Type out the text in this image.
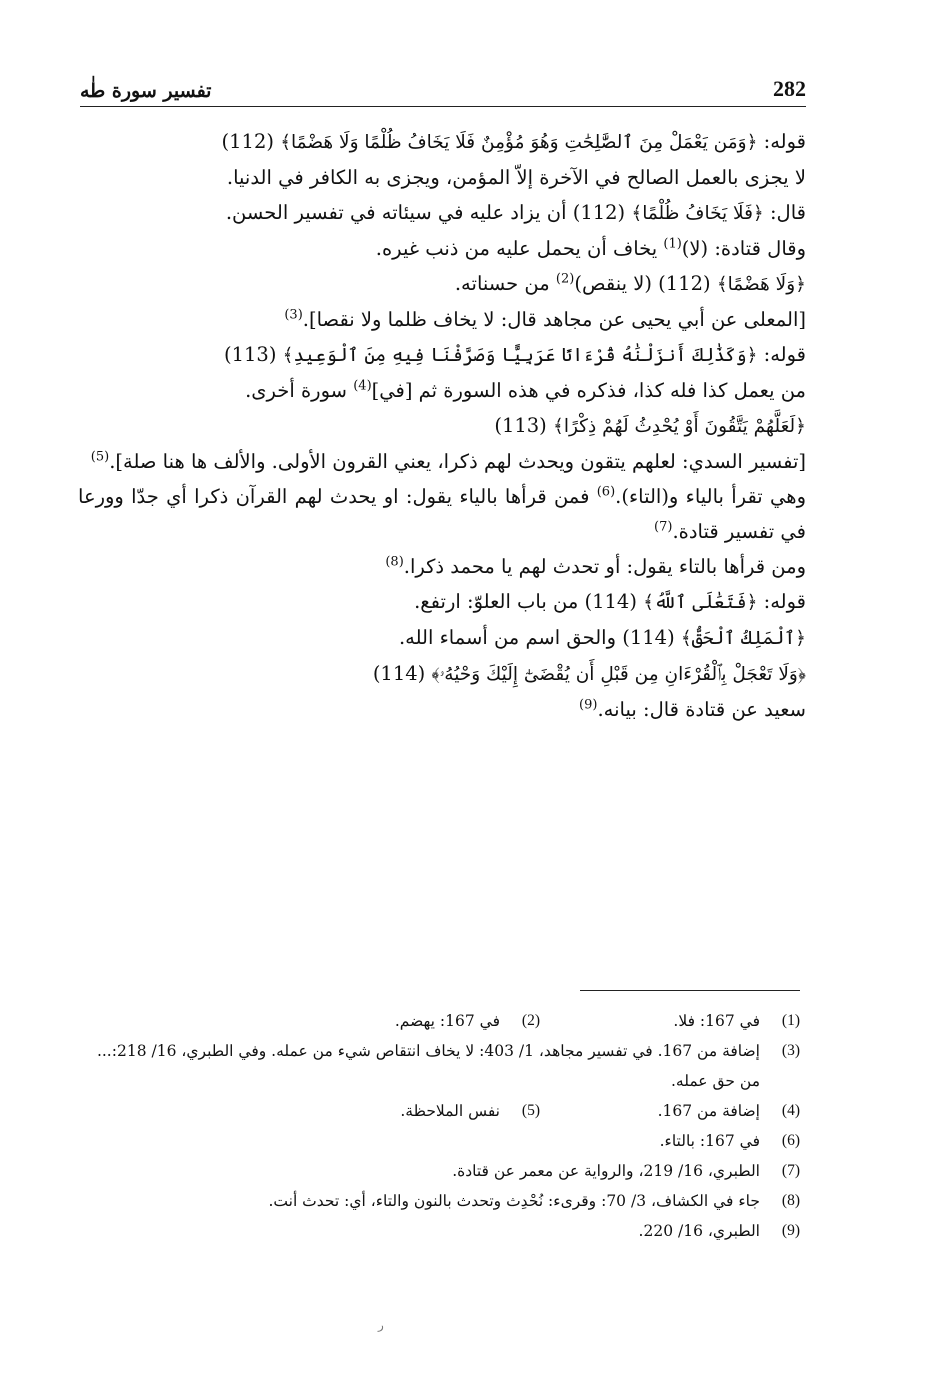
282
تفسير سورة طٰه

قوله: ﴿وَمَن يَعْمَلْ مِنَ ٱلصَّٰلِحَٰتِ وَهُوَ مُؤْمِنٌ فَلَا يَخَافُ ظُلْمًا وَلَا هَضْمًا﴾ (112)

لا يجزى بالعمل الصالح في الآخرة إلاّ المؤمن، ويجزى به الكافر في الدنيا.

قال: ﴿فَلَا يَخَافُ ظُلْمًا﴾ (112) أن يزاد عليه في سيئاته في تفسير الحسن.

وقال قتادة: (لا)$^{(1)}$ يخاف أن يحمل عليه من ذنب غيره.

﴿وَلَا هَضْمًا﴾ (112) (لا ينقص)$^{(2)}$ من حسناته.

[المعلى عن أبي يحيى عن مجاهد قال: لا يخاف ظلما ولا نقصا].$^{(3)}$

قوله: ﴿وَكَذَٰلِكَ أَنزَلْنَٰهُ قُرْءَانًا عَرَبِيًّا وَصَرَّفْنَا فِيهِ مِنَ ٱلْوَعِيدِ﴾ (113)

من يعمل كذا فله كذا، فذكره في هذه السورة ثم [في]$^{(4)}$ سورة أخرى.

﴿لَعَلَّهُمْ يَتَّقُونَ أَوْ يُحْدِثُ لَهُمْ ذِكْرًا﴾ (113)

[تفسير السدي: لعلهم يتقون ويحدث لهم ذكرا، يعني القرون الأولى. والألف ها هنا صلة].$^{(5)}$

وهي تقرأ بالياء و(التاء).$^{(6)}$ فمن قرأها بالياء يقول: او يحدث لهم القرآن ذكرا أي جدّا وورعا في تفسير قتادة.$^{(7)}$

ومن قرأها بالتاء يقول: أو تحدث لهم يا محمد ذكرا.$^{(8)}$

قوله: ﴿فَتَعَٰلَى ٱللَّهُ﴾ (114) من باب العلوّ: ارتفع.

﴿ٱلْمَلِكُ ٱلْحَقُّ﴾ (114) والحق اسم من أسماء الله.

﴿وَلَا تَعْجَلْ بِٱلْقُرْءَانِ مِن قَبْلِ أَن يُقْضَىٰٓ إِلَيْكَ وَحْيُهُۥ﴾ (114)

سعيد عن قتادة قال: بيانه.$^{(9)}$

(1)
في 167: فلا.
(2)
في 167: يهضم.
(3)
إضافة من 167. في تفسير مجاهد، 1/ 403: لا يخاف انتقاص شيء من عمله. وفي الطبري، 16/ 218:... من حق عمله.
(4)
إضافة من 167.
(5)
نفس الملاحظة.
(6)
في 167: بالتاء.
(7)
الطبري، 16/ 219، والرواية عن معمر عن قتادة.
(8)
جاء في الكشاف، 3/ 70: وقرىء: نُحْدِث وتحدث بالنون والتاء، أي: تحدث أنت.
(9)
الطبري، 16/ 220.
ر
